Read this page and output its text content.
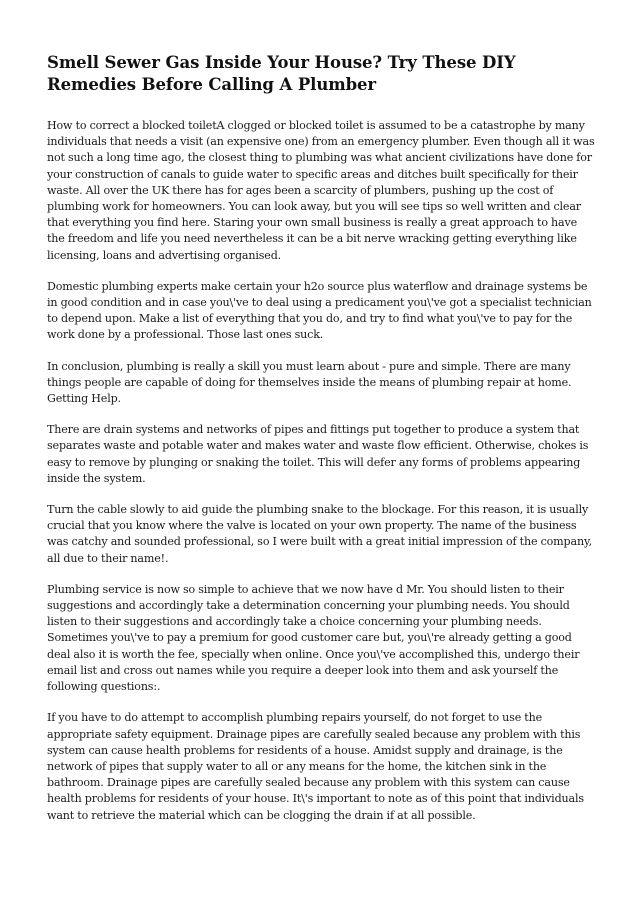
Smell Sewer Gas Inside Your House? Try These DIY Remedies Before Calling A Plumber

How to correct a blocked toiletA clogged or blocked toilet is assumed to be a catastrophe by many individuals that needs a visit (an expensive one) from an emergency plumber. Even though all it was not such a long time ago, the closest thing to plumbing was what ancient civilizations have done for your construction of canals to guide water to specific areas and ditches built specifically for their waste. All over the UK there has for ages been a scarcity of plumbers, pushing up the cost of plumbing work for homeowners. You can look away, but you will see tips so well written and clear that everything you find here. Staring your own small business is really a great approach to have the freedom and life you need nevertheless it can be a bit nerve wracking getting everything like licensing, loans and advertising organised.

Domestic plumbing experts make certain your h2o source plus waterflow and drainage systems be in good condition and in case you\'ve to deal using a predicament you\'ve got a specialist technician to depend upon. Make a list of everything that you do, and try to find what you\'ve to pay for the work done by a professional. Those last ones suck.

In conclusion, plumbing is really a skill you must learn about - pure and simple. There are many things people are capable of doing for themselves inside the means of plumbing repair at home. Getting Help.

There are drain systems and networks of pipes and fittings put together to produce a system that separates waste and potable water and makes water and waste flow efficient. Otherwise, chokes is easy to remove by plunging or snaking the toilet. This will defer any forms of problems appearing inside the system.

Turn the cable slowly to aid guide the plumbing snake to the blockage. For this reason, it is usually crucial that you know where the valve is located on your own property. The name of the business was catchy and sounded professional, so I were built with a great initial impression of the company, all due to their name!.

Plumbing service is now so simple to achieve that we now have d Mr. You should listen to their suggestions and accordingly take a determination concerning your plumbing needs. You should listen to their suggestions and accordingly take a choice concerning your plumbing needs. Sometimes you\'ve to pay a premium for good customer care but, you\'re already getting a good deal also it is worth the fee, specially when online. Once you\'ve accomplished this, undergo their email list and cross out names while you require a deeper look into them and ask yourself the following questions:.

If you have to do attempt to accomplish plumbing repairs yourself, do not forget to use the appropriate safety equipment. Drainage pipes are carefully sealed because any problem with this system can cause health problems for residents of a house. Amidst supply and drainage, is the network of pipes that supply water to all or any means for the home, the kitchen sink in the bathroom. Drainage pipes are carefully sealed because any problem with this system can cause health problems for residents of your house. It\'s important to note as of this point that individuals want to retrieve the material which can be clogging the drain if at all possible.
